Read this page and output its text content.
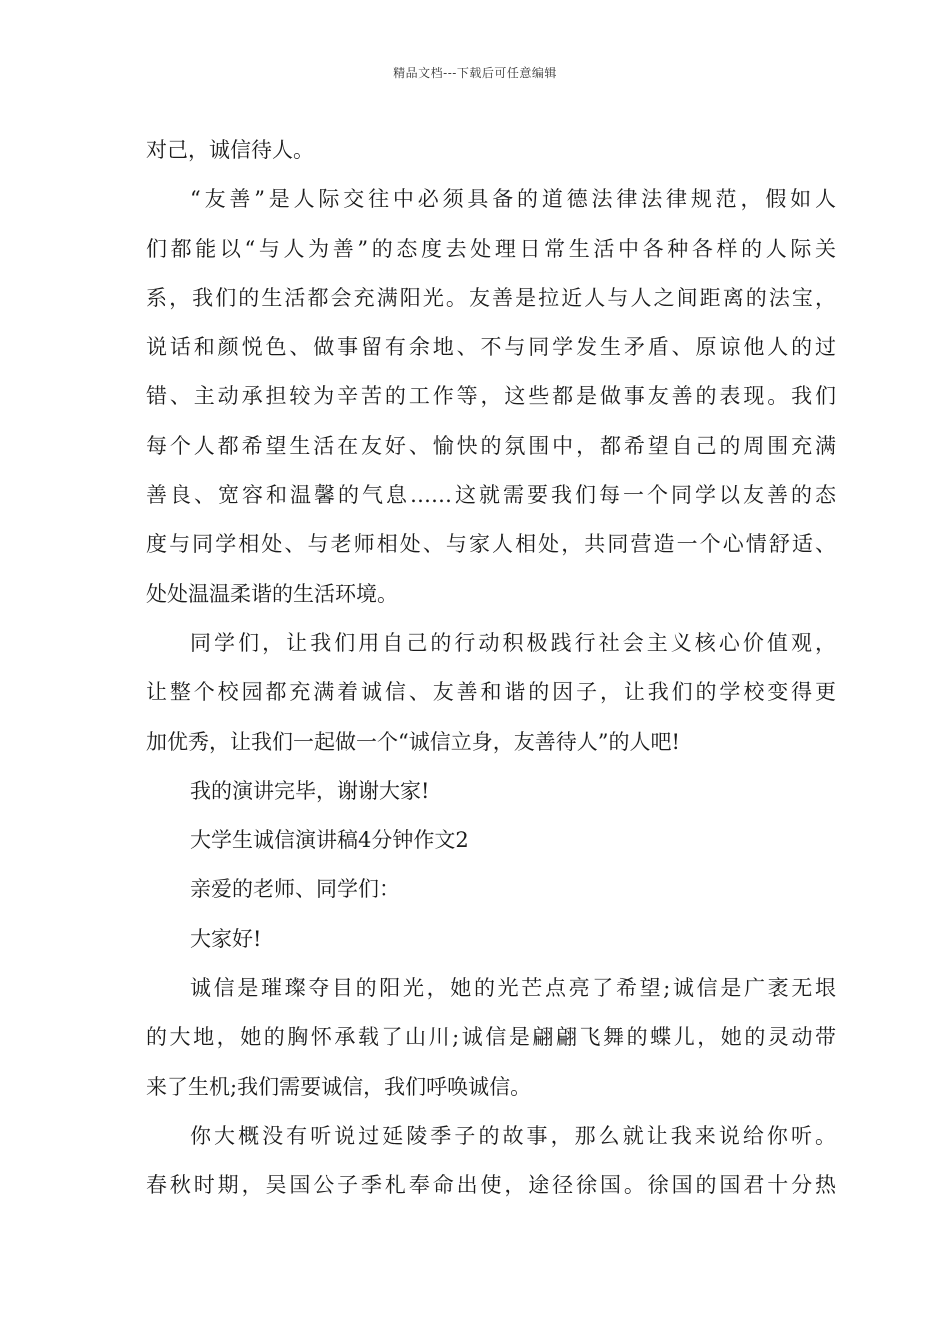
精品文档---下载后可任意编辑
对己，诚信待人。
“友善”是人际交往中必须具备的道德法律法律规范，假如人
们都能以“与人为善”的态度去处理日常生活中各种各样的人际关
系，我们的生活都会充满阳光。友善是拉近人与人之间距离的法宝，
说话和颜悦色、做事留有余地、不与同学发生矛盾、原谅他人的过
错、主动承担较为辛苦的工作等，这些都是做事友善的表现。我们
每个人都希望生活在友好、愉快的氛围中，都希望自己的周围充满
善良、宽容和温馨的气息……这就需要我们每一个同学以友善的态
度与同学相处、与老师相处、与家人相处，共同营造一个心情舒适、
处处温温柔谐的生活环境。
同学们，让我们用自己的行动积极践行社会主义核心价值观，
让整个校园都充满着诚信、友善和谐的因子，让我们的学校变得更
加优秀，让我们一起做一个“诚信立身，友善待人”的人吧!
我的演讲完毕，谢谢大家!
大学生诚信演讲稿4分钟作文2
亲爱的老师、同学们：
大家好!
诚信是璀璨夺目的阳光，她的光芒点亮了希望;诚信是广袤无垠
的大地，她的胸怀承载了山川;诚信是翩翩飞舞的蝶儿，她的灵动带
来了生机;我们需要诚信，我们呼唤诚信。
你大概没有听说过延陵季子的故事，那么就让我来说给你听。
春秋时期，吴国公子季札奉命出使，途径徐国。徐国的国君十分热
